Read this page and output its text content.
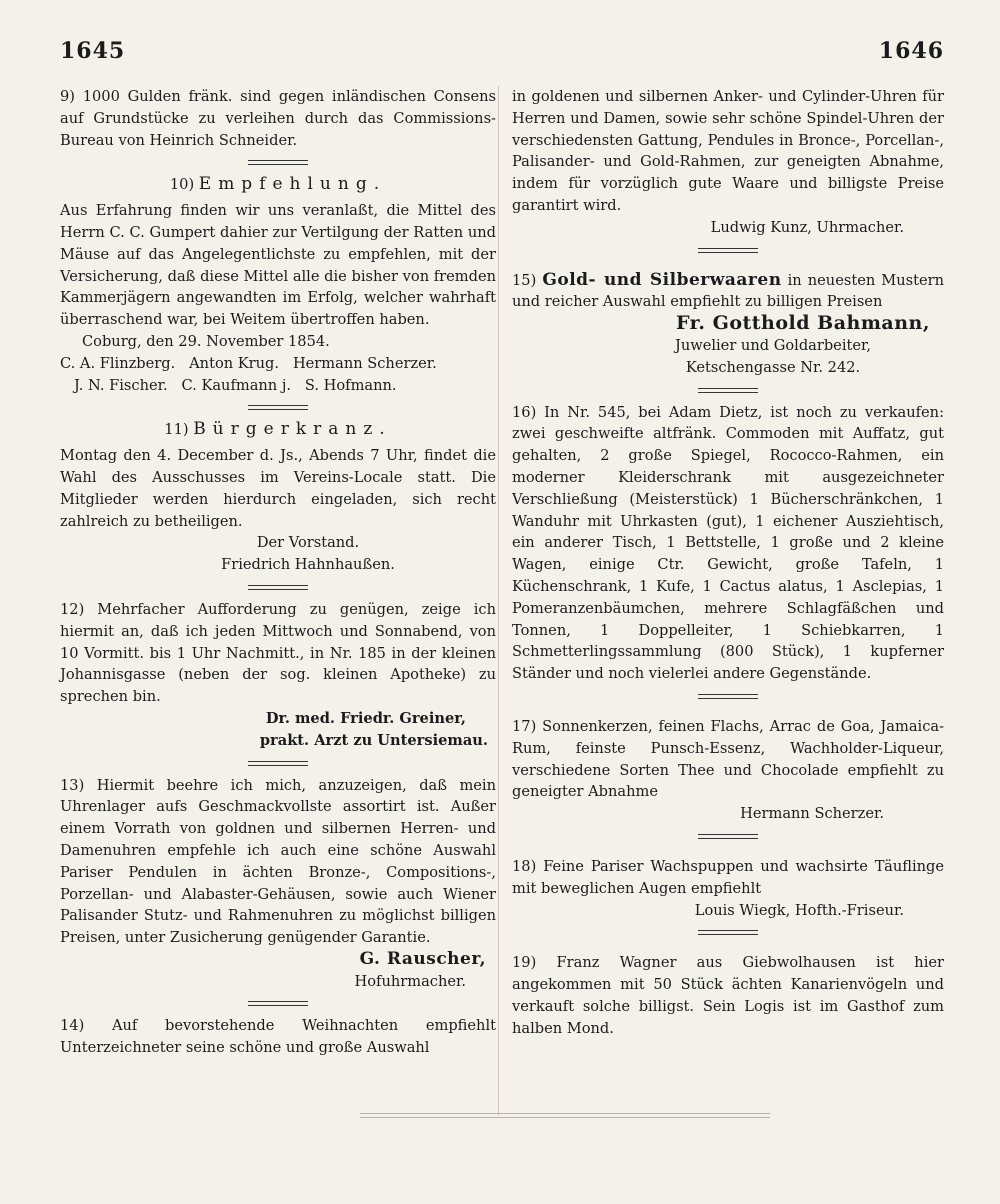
1645	1646

9) 1000 Gulden fränk. sind gegen inländischen Consens auf Grundstücke zu verleihen durch das Commissions-Bureau von Heinrich Schneider.

10) Empfehlung.

Aus Erfahrung finden wir uns veranlaßt, die Mittel des Herrn C. C. Gumpert dahier zur Vertilgung der Ratten und Mäuse auf das Angelegentlichste zu empfehlen, mit der Versicherung, daß diese Mittel alle die bisher von fremden Kammerjägern angewandten im Erfolg, welcher wahrhaft überraschend war, bei Weitem übertroffen haben.

Coburg, den 29. November 1854.

C. A. Flinzberg.   Anton Krug.   Hermann Scherzer.

J. N. Fischer.   C. Kaufmann j.   S. Hofmann.

11) Bürgerkranz.

Montag den 4. December d. Js., Abends 7 Uhr, findet die Wahl des Ausschusses im Vereins-Locale statt. Die Mitglieder werden hierdurch eingeladen, sich recht zahlreich zu betheiligen.

Der Vorstand.

Friedrich Hahnhaußen.

12) Mehrfacher Aufforderung zu genügen, zeige ich hiermit an, daß ich jeden Mittwoch und Sonnabend, von 10 Vormitt. bis 1 Uhr Nachmitt., in Nr. 185 in der kleinen Johannisgasse (neben der sog. kleinen Apotheke) zu sprechen bin.

Dr. med. Friedr. Greiner,

prakt. Arzt zu Untersiemau.

13) Hiermit beehre ich mich, anzuzeigen, daß mein Uhrenlager aufs Geschmackvollste assortirt ist. Außer einem Vorrath von goldnen und silbernen Herren- und Damenuhren empfehle ich auch eine schöne Auswahl Pariser Pendulen in ächten Bronze-, Compositions-, Porzellan- und Alabaster-Gehäusen, sowie auch Wiener Palisander Stutz- und Rahmenuhren zu möglichst billigen Preisen, unter Zusicherung genügender Garantie.

G. Rauscher,

Hofuhrmacher.

14) Auf bevorstehende Weihnachten empfiehlt Unterzeichneter seine schöne und große Auswahl

in goldenen und silbernen Anker- und Cylinder-Uhren für Herren und Damen, sowie sehr schöne Spindel-Uhren der verschiedensten Gattung, Pendules in Bronce-, Porcellan-, Palisander- und Gold-Rahmen, zur geneigten Abnahme, indem für vorzüglich gute Waare und billigste Preise garantirt wird.

Ludwig Kunz, Uhrmacher.

15) Gold- und Silberwaaren in neuesten Mustern und reicher Auswahl empfiehlt zu billigen Preisen

Fr. Gotthold Bahmann,

Juwelier und Goldarbeiter,

Ketschengasse Nr. 242.

16) In Nr. 545, bei Adam Dietz, ist noch zu verkaufen: zwei geschweifte altfränk. Commoden mit Auffatz, gut gehalten, 2 große Spiegel, Rococco-Rahmen, ein moderner Kleiderschrank mit ausgezeichneter Verschließung (Meisterstück) 1 Bücherschränkchen, 1 Wanduhr mit Uhrkasten (gut), 1 eichener Ausziehtisch, ein anderer Tisch, 1 Bettstelle, 1 große und 2 kleine Wagen, einige Ctr. Gewicht, große Tafeln, 1 Küchenschrank, 1 Kufe, 1 Cactus alatus, 1 Asclepias, 1 Pomeranzenbäumchen, mehrere Schlagfäßchen und Tonnen, 1 Doppelleiter, 1 Schiebkarren, 1 Schmetterlingssammlung (800 Stück), 1 kupferner Ständer und noch vielerlei andere Gegenstände.

17) Sonnenkerzen, feinen Flachs, Arrac de Goa, Jamaica-Rum, feinste Punsch-Essenz, Wachholder-Liqueur, verschiedene Sorten Thee und Chocolade empfiehlt zu geneigter Abnahme

Hermann Scherzer.

18) Feine Pariser Wachspuppen und wachsirte Täuflinge mit beweglichen Augen empfiehlt

Louis Wiegk, Hofth.-Friseur.

19) Franz Wagner aus Giebwolhausen ist hier angekommen mit 50 Stück ächten Kanarienvögeln und verkauft solche billigst. Sein Logis ist im Gasthof zum halben Mond.
